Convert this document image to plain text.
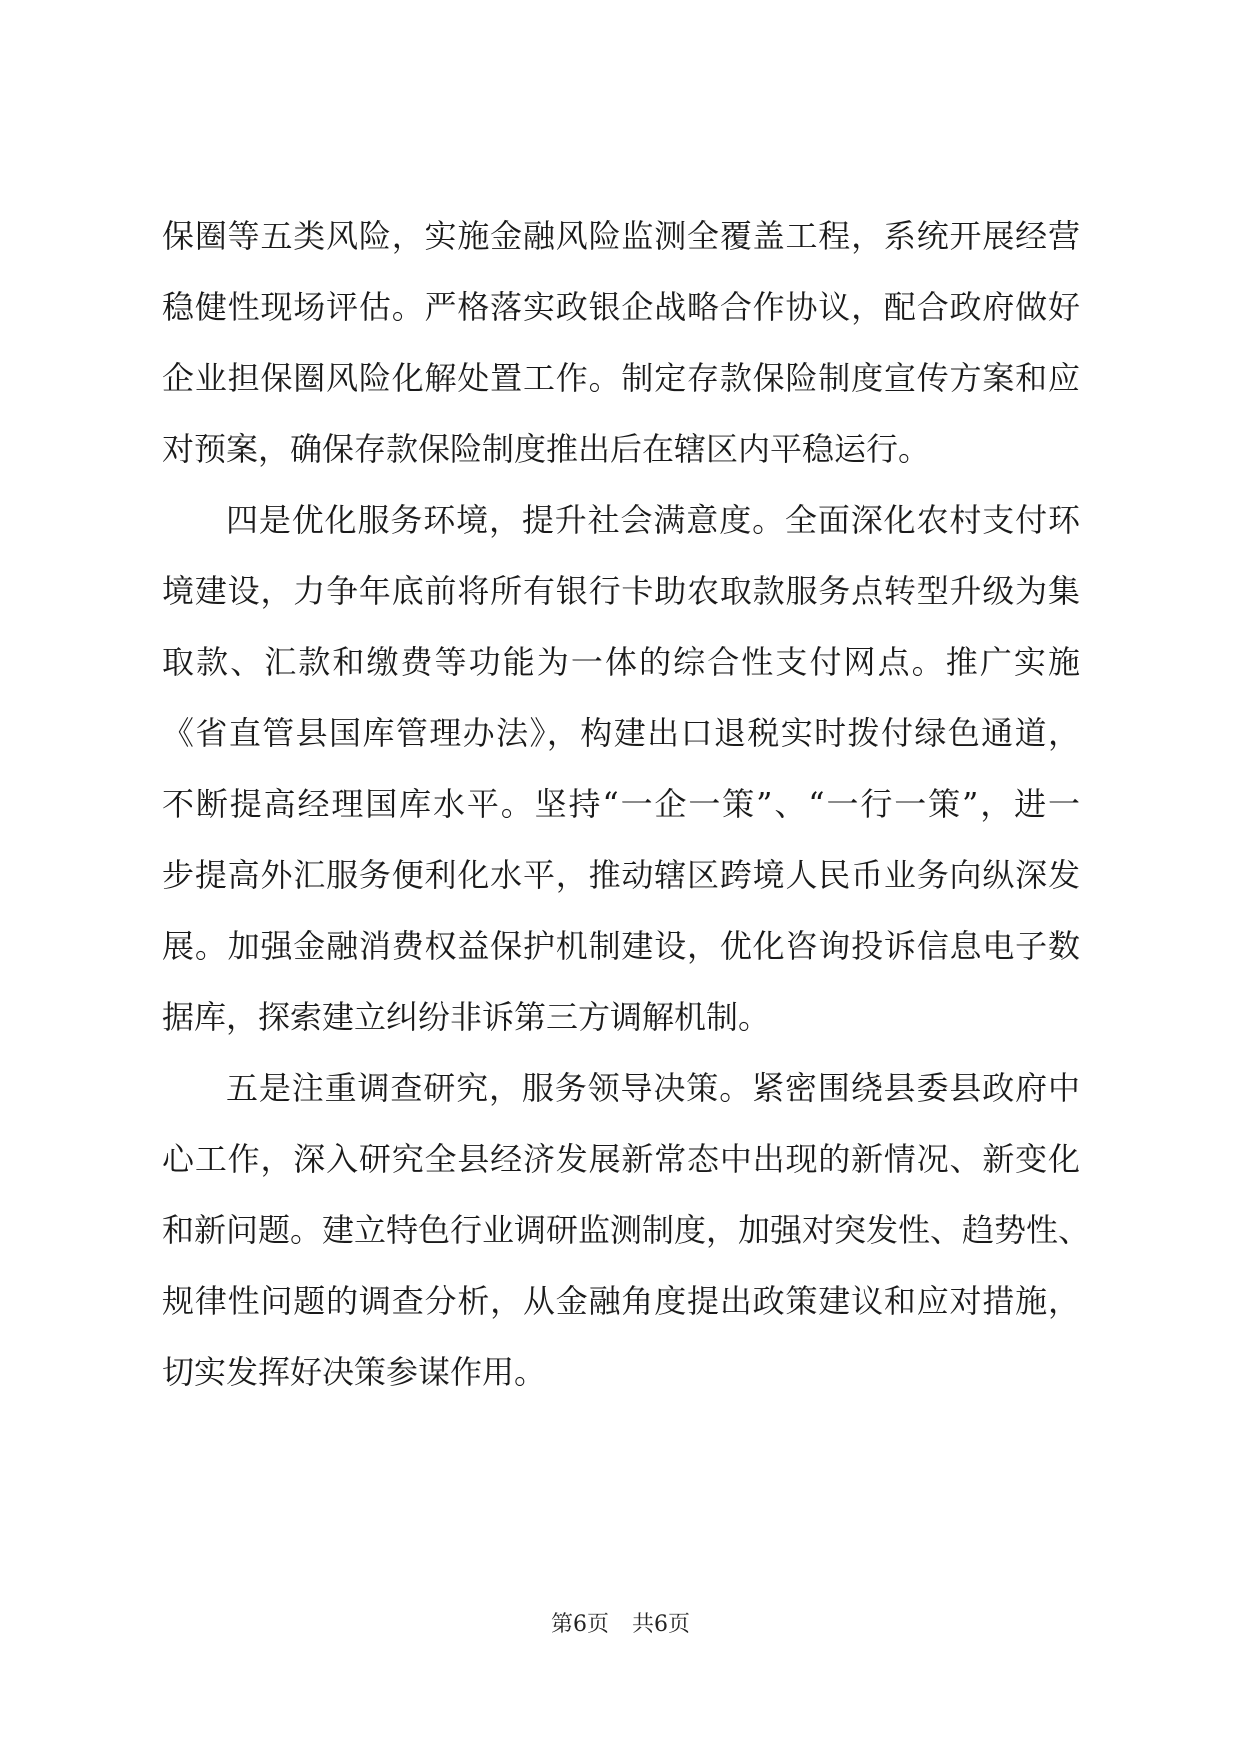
保圈等五类风险，实施金融风险监测全覆盖工程，系统开展经营
稳健性现场评估。严格落实政银企战略合作协议，配合政府做好
企业担保圈风险化解处置工作。制定存款保险制度宣传方案和应
对预案，确保存款保险制度推出后在辖区内平稳运行。
四是优化服务环境，提升社会满意度。全面深化农村支付环
境建设，力争年底前将所有银行卡助农取款服务点转型升级为集
取款、汇款和缴费等功能为一体的综合性支付网点。推广实施
《省直管县国库管理办法》，构建出口退税实时拨付绿色通道，
不断提高经理国库水平。坚持“一企一策”、“一行一策”，进一
步提高外汇服务便利化水平，推动辖区跨境人民币业务向纵深发
展。加强金融消费权益保护机制建设，优化咨询投诉信息电子数
据库，探索建立纠纷非诉第三方调解机制。
五是注重调查研究，服务领导决策。紧密围绕县委县政府中
心工作，深入研究全县经济发展新常态中出现的新情况、新变化
和新问题。建立特色行业调研监测制度，加强对突发性、趋势性、
规律性问题的调查分析，从金融角度提出政策建议和应对措施，
切实发挥好决策参谋作用。
第6页 共6页
